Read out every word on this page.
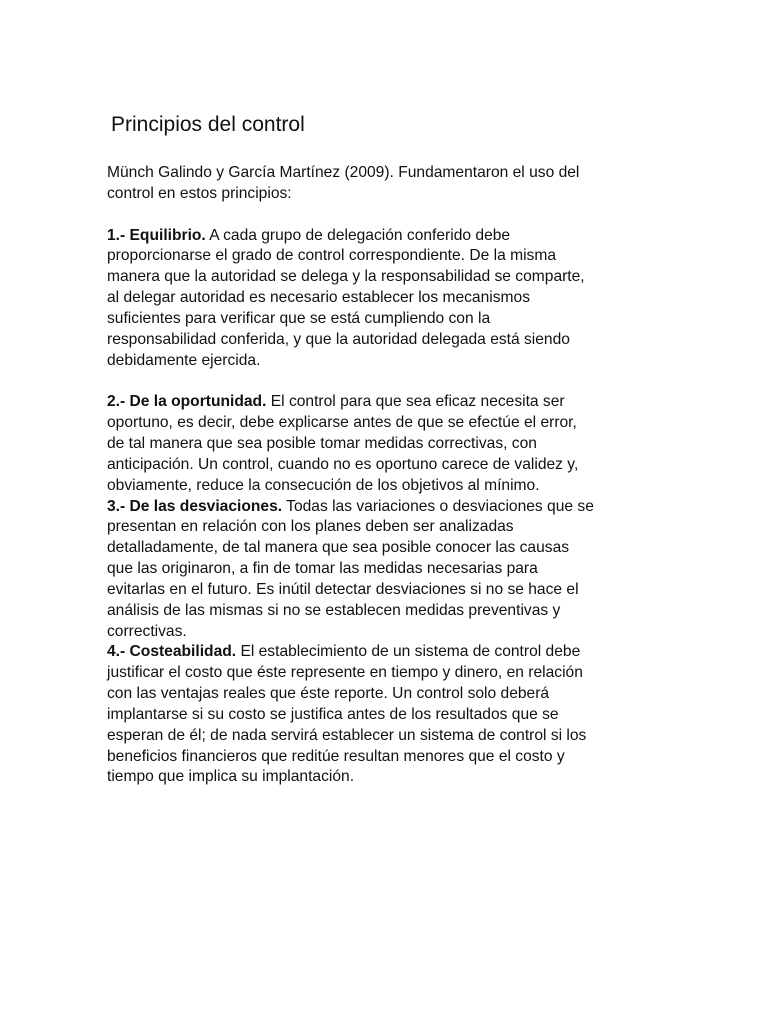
Principios del control

Münch Galindo y García Martínez (2009). Fundamentaron el uso del
control en estos principios:

1.- Equilibrio. A cada grupo de delegación conferido debe
proporcionarse el grado de control correspondiente. De la misma
manera que la autoridad se delega y la responsabilidad se comparte,
al delegar autoridad es necesario establecer los mecanismos
suficientes para verificar que se está cumpliendo con la
responsabilidad conferida, y que la autoridad delegada está siendo
debidamente ejercida.

2.- De la oportunidad. El control para que sea eficaz necesita ser
oportuno, es decir, debe explicarse antes de que se efectúe el error,
de tal manera que sea posible tomar medidas correctivas, con
anticipación. Un control, cuando no es oportuno carece de validez y,
obviamente, reduce la consecución de los objetivos al mínimo.

3.- De las desviaciones. Todas las variaciones o desviaciones que se
presentan en relación con los planes deben ser analizadas
detalladamente, de tal manera que sea posible conocer las causas
que las originaron, a fin de tomar las medidas necesarias para
evitarlas en el futuro. Es inútil detectar desviaciones si no se hace el
análisis de las mismas si no se establecen medidas preventivas y
correctivas.

4.- Costeabilidad. El establecimiento de un sistema de control debe
justificar el costo que éste represente en tiempo y dinero, en relación
con las ventajas reales que éste reporte. Un control solo deberá
implantarse si su costo se justifica antes de los resultados que se
esperan de él; de nada servirá establecer un sistema de control si los
beneficios financieros que reditúe resultan menores que el costo y
tiempo que implica su implantación.
